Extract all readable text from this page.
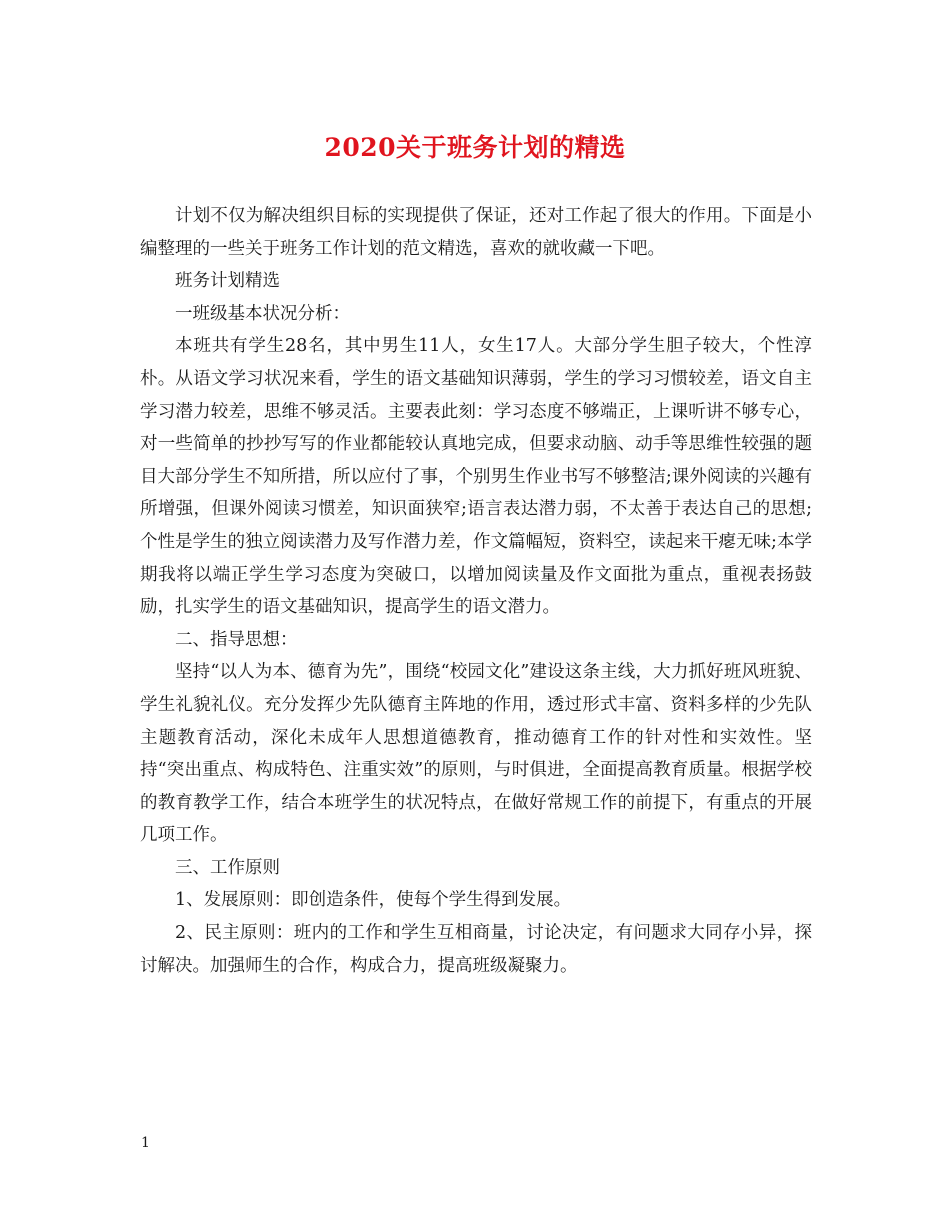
2020关于班务计划的精选

计划不仅为解决组织目标的实现提供了保证，还对工作起了很大的作用。下面是小编整理的一些关于班务工作计划的范文精选，喜欢的就收藏一下吧。

班务计划精选

一班级基本状况分析：

本班共有学生28名，其中男生11人，女生17人。大部分学生胆子较大，个性淳朴。从语文学习状况来看，学生的语文基础知识薄弱，学生的学习习惯较差，语文自主学习潜力较差，思维不够灵活。主要表此刻：学习态度不够端正，上课听讲不够专心，对一些简单的抄抄写写的作业都能较认真地完成，但要求动脑、动手等思维性较强的题目大部分学生不知所措，所以应付了事，个别男生作业书写不够整洁;课外阅读的兴趣有所增强，但课外阅读习惯差，知识面狭窄;语言表达潜力弱，不太善于表达自己的思想;个性是学生的独立阅读潜力及写作潜力差，作文篇幅短，资料空，读起来干瘪无味;本学期我将以端正学生学习态度为突破口，以增加阅读量及作文面批为重点，重视表扬鼓励，扎实学生的语文基础知识，提高学生的语文潜力。

二、指导思想：

坚持“以人为本、德育为先”，围绕“校园文化”建设这条主线，大力抓好班风班貌、学生礼貌礼仪。充分发挥少先队德育主阵地的作用，透过形式丰富、资料多样的少先队主题教育活动，深化未成年人思想道德教育，推动德育工作的针对性和实效性。坚持“突出重点、构成特色、注重实效”的原则，与时俱进，全面提高教育质量。根据学校的教育教学工作，结合本班学生的状况特点，在做好常规工作的前提下，有重点的开展几项工作。

三、工作原则

1、发展原则：即创造条件，使每个学生得到发展。

2、民主原则：班内的工作和学生互相商量，讨论决定，有问题求大同存小异，探讨解决。加强师生的合作，构成合力，提高班级凝聚力。

1
